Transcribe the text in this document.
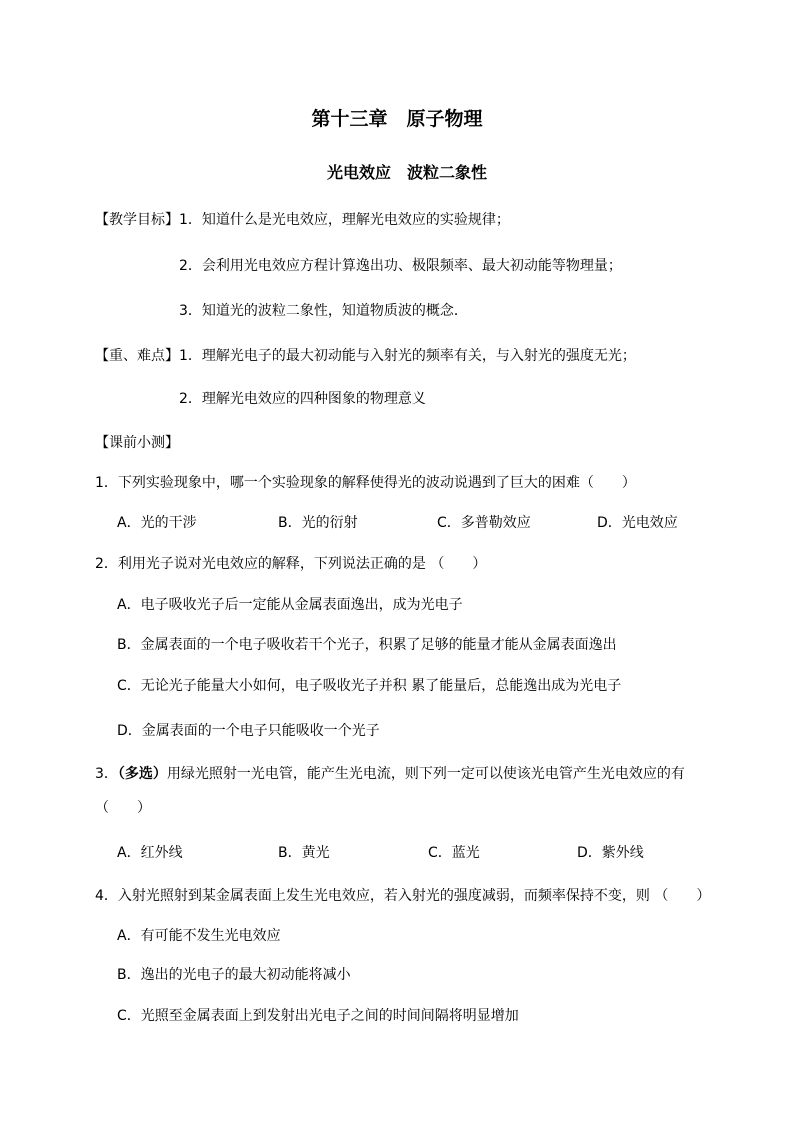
第十三章　原子物理
光电效应　波粒二象性
【教学目标】1．知道什么是光电效应，理解光电效应的实验规律；
2．会利用光电效应方程计算逸出功、极限频率、最大初动能等物理量；
3．知道光的波粒二象性，知道物质波的概念．
【重、难点】1．理解光电子的最大初动能与入射光的频率有关，与入射光的强度无光；
2．理解光电效应的四种图象的物理意义
【课前小测】
1．下列实验现象中，哪一个实验现象的解释使得光的波动说遇到了巨大的困难（　　）
A．光的干涉	B．光的衍射	C．多普勒效应	D．光电效应
2．利用光子说对光电效应的解释，下列说法正确的是 （　　）
A．电子吸收光子后一定能从金属表面逸出，成为光电子
B．金属表面的一个电子吸收若干个光子，积累了足够的能量才能从金属表面逸出
C．无论光子能量大小如何，电子吸收光子并积 累了能量后，总能逸出成为光电子
D．金属表面的一个电子只能吸收一个光子
3．（多选）用绿光照射一光电管，能产生光电流，则下列一定可以使该光电管产生光电效应的有
（　　）
A．红外线	B．黄光	C．蓝光	D．紫外线
4．入射光照射到某金属表面上发生光电效应，若入射光的强度减弱，而频率保持不变，则 （　　）
A．有可能不发生光电效应
B．逸出的光电子的最大初动能将减小
C．光照至金属表面上到发射出光电子之间的时间间隔将明显增加
